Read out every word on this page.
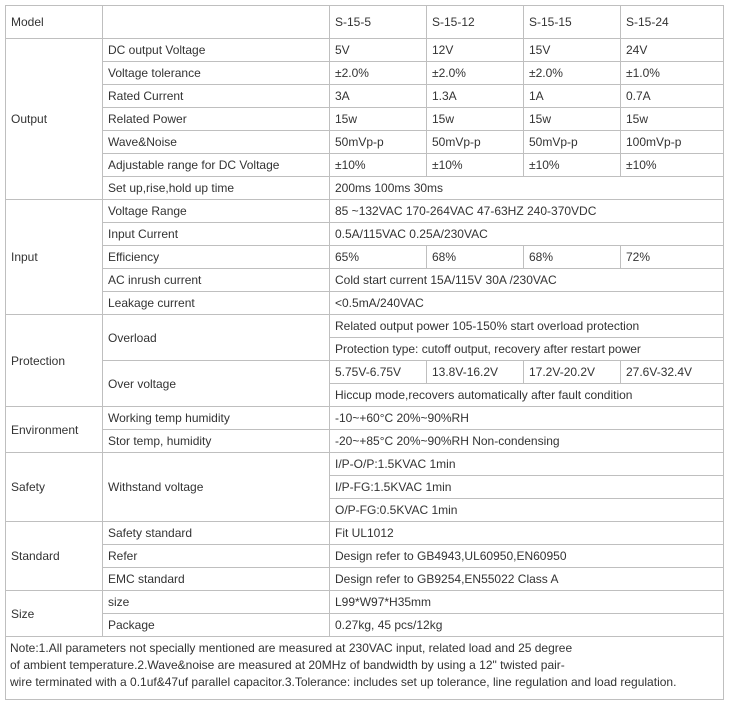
Model		S-15-5	S-15-12	S-15-15	S-15-24
Output	DC output Voltage	5V	12V	15V	24V
	Voltage tolerance	±2.0%	±2.0%	±2.0%	±1.0%
	Rated Current	3A	1.3A	1A	0.7A
	Related Power	15w	15w	15w	15w
	Wave&Noise	50mVp-p	50mVp-p	50mVp-p	100mVp-p
	Adjustable range for DC Voltage	±10%	±10%	±10%	±10%
	Set up,rise,hold up time	200ms 100ms 30ms			
Input	Voltage Range	85 ~132VAC 170-264VAC 47-63HZ 240-370VDC			
	Input Current	0.5A/115VAC 0.25A/230VAC			
	Efficiency	65%	68%	68%	72%
	AC inrush current	Cold start current 15A/115V 30A /230VAC			
	Leakage current	<0.5mA/240VAC			
Protection	Overload	Related output power 105-150% start overload protection			
		Protection type: cutoff output, recovery after restart power			
	Over voltage	5.75V-6.75V	13.8V-16.2V	17.2V-20.2V	27.6V-32.4V
		Hiccup mode,recovers automatically after fault condition			
Environment	Working temp humidity	-10~+60°C 20%~90%RH			
	Stor temp, humidity	-20~+85°C 20%~90%RH Non-condensing			
Safety	Withstand voltage	I/P-O/P:1.5KVAC 1min			
		I/P-FG:1.5KVAC 1min			
		O/P-FG:0.5KVAC 1min			
Standard	Safety standard	Fit UL1012			
	Refer	Design refer to GB4943,UL60950,EN60950			
	EMC standard	Design refer to GB9254,EN55022 Class A			
Size	size	L99*W97*H35mm			
	Package	0.27kg, 45 pcs/12kg			

Note:1.All parameters not specially mentioned are measured at 230VAC input, related load and 25 degree
of ambient temperature.2.Wave&noise are measured at 20MHz of bandwidth by using a 12" twisted pair-
wire terminated with a 0.1uf&47uf parallel capacitor.3.Tolerance: includes set up tolerance, line regulation and load regulation.					
